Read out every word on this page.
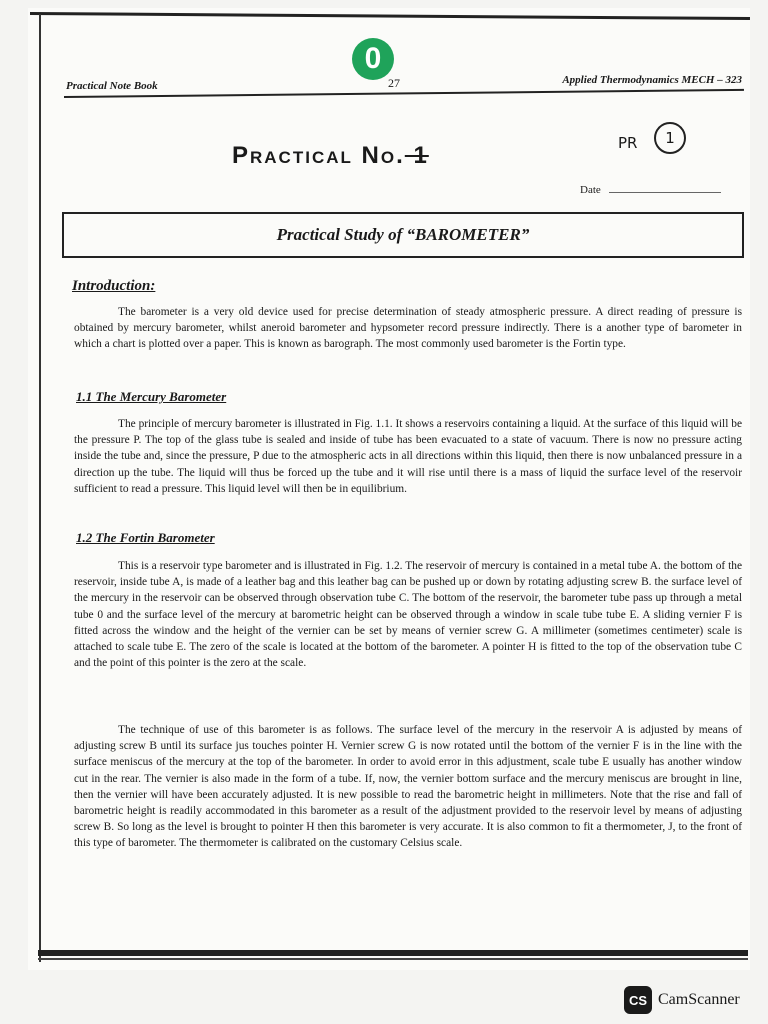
Practical Note Book	27	Applied Thermodynamics MECH – 323
0
Practical No. 1	PR 1
Date
Practical Study of “BAROMETER”
Introduction:
The barometer is a very old device used for precise determination of steady atmospheric pressure. A direct reading of pressure is obtained by mercury barometer, whilst aneroid barometer and hypsometer record pressure indirectly. There is a another type of barometer in which a chart is plotted over a paper. This is known as barograph. The most commonly used barometer is the Fortin type.
1.1 The Mercury Barometer
The principle of mercury barometer is illustrated in Fig. 1.1. It shows a reservoirs containing a liquid. At the surface of this liquid will be the pressure P. The top of the glass tube is sealed and inside of tube has been evacuated to a state of vacuum. There is now no pressure acting inside the tube and, since the pressure, P due to the atmospheric acts in all directions within this liquid, then there is now unbalanced pressure in a direction up the tube. The liquid will thus be forced up the tube and it will rise until there is a mass of liquid the surface level of the reservoir sufficient to read a pressure. This liquid level will then be in equilibrium.
1.2 The Fortin Barometer
This is a reservoir type barometer and is illustrated in Fig. 1.2. The reservoir of mercury is contained in a metal tube A. the bottom of the reservoir, inside tube A, is made of a leather bag and this leather bag can be pushed up or down by rotating adjusting screw B. the surface level of the mercury in the reservoir can be observed through observation tube C. The bottom of the reservoir, the barometer tube pass up through a metal tube 0 and the surface level of the mercury at barometric height can be observed through a window in scale tube tube E. A sliding vernier F is fitted across the window and the height of the vernier can be set by means of vernier screw G. A millimeter (sometimes centimeter) scale is attached to scale tube E. The zero of the scale is located at the bottom of the barometer. A pointer H is fitted to the top of the observation tube C and the point of this pointer is the zero at the scale.
The technique of use of this barometer is as follows. The surface level of the mercury in the reservoir A is adjusted by means of adjusting screw B until its surface jus touches pointer H. Vernier screw G is now rotated until the bottom of the vernier F is in the line with the surface meniscus of the mercury at the top of the barometer. In order to avoid error in this adjustment, scale tube E usually has another window cut in the rear. The vernier is also made in the form of a tube. If, now, the vernier bottom surface and the mercury meniscus are brought in line, then the vernier will have been accurately adjusted. It is new possible to read the barometric height in millimeters. Note that the rise and fall of barometric height is readily accommodated in this barometer as a result of the adjustment provided to the reservoir level by means of adjusting screw B. So long as the level is brought to pointer H then this barometer is very accurate. It is also common to fit a thermometer, J, to the front of this type of barometer. The thermometer is calibrated on the customary Celsius scale.
CS CamScanner
